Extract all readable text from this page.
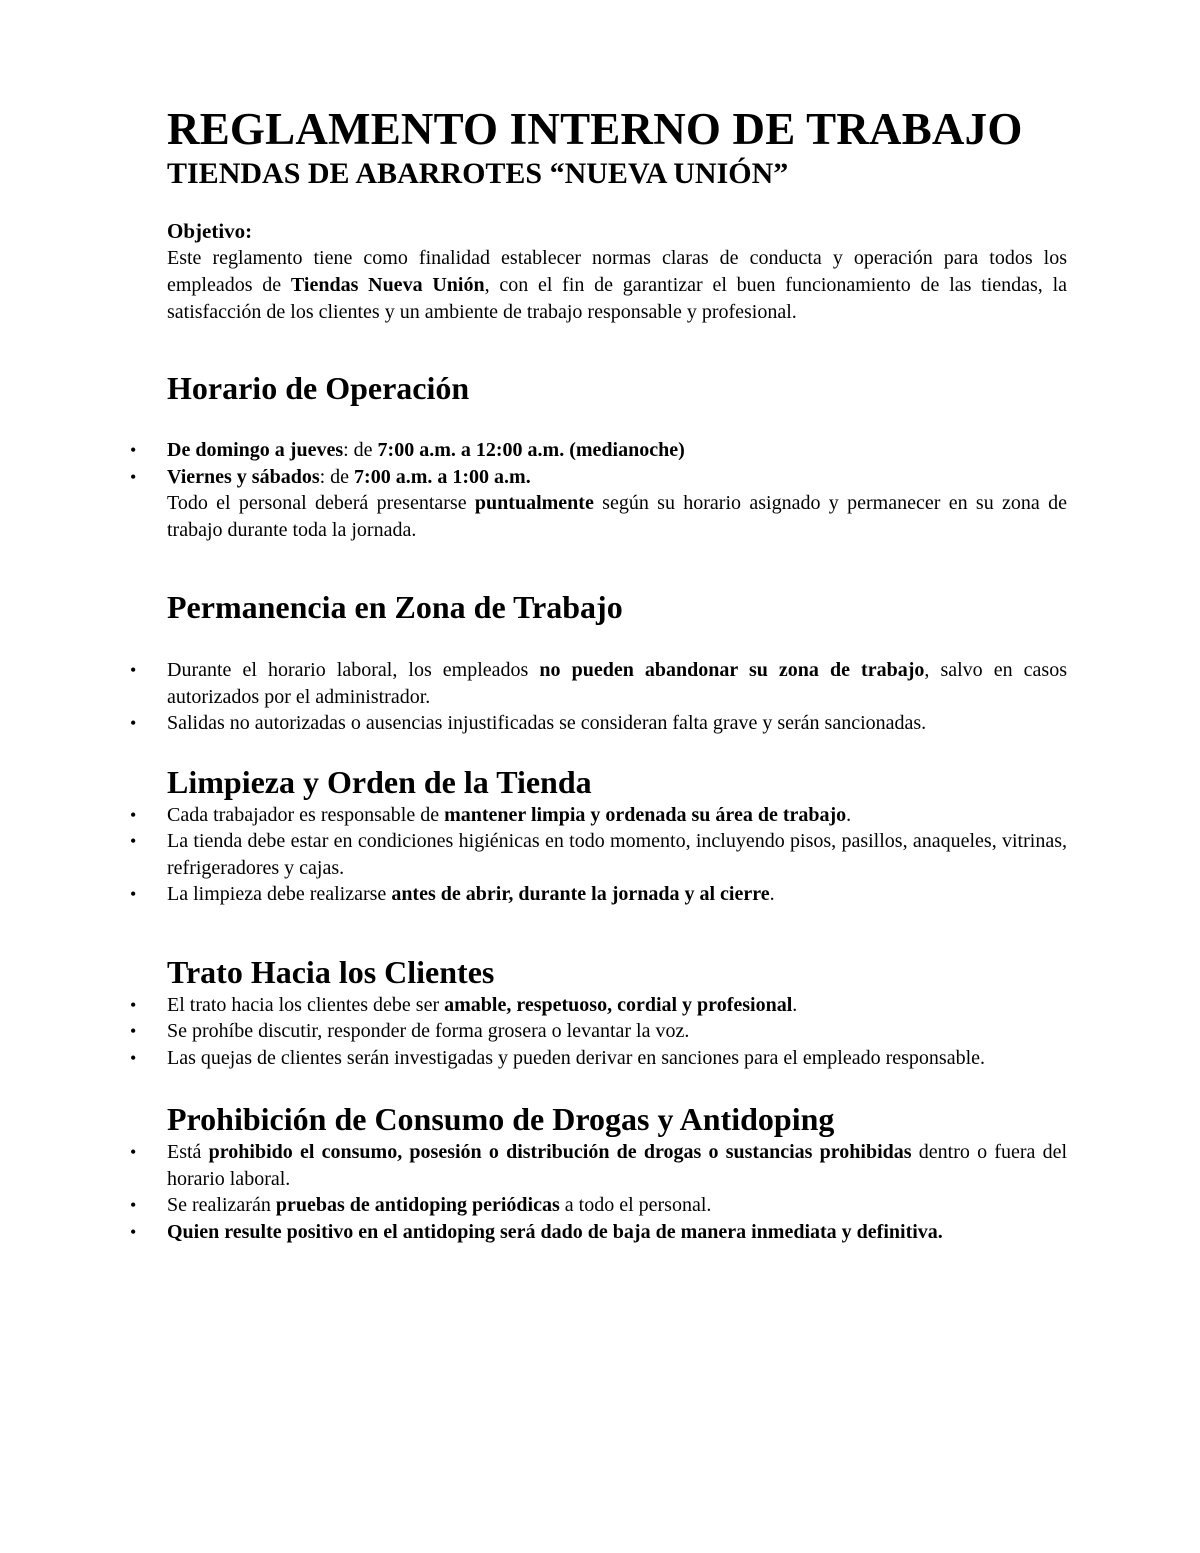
REGLAMENTO INTERNO DE TRABAJO
TIENDAS DE ABARROTES “NUEVA UNIÓN”
Objetivo:

Este reglamento tiene como finalidad establecer normas claras de conducta y operación para todos los empleados de Tiendas Nueva Unión, con el fin de garantizar el buen funcionamiento de las tiendas, la satisfacción de los clientes y un ambiente de trabajo responsable y profesional.

Horario de Operación
• De domingo a jueves: de 7:00 a.m. a 12:00 a.m. (medianoche)
• Viernes y sábados: de 7:00 a.m. a 1:00 a.m.
Todo el personal deberá presentarse puntualmente según su horario asignado y permanecer en su zona de trabajo durante toda la jornada.
Permanencia en Zona de Trabajo
• Durante el horario laboral, los empleados no pueden abandonar su zona de trabajo, salvo en casos autorizados por el administrador.
• Salidas no autorizadas o ausencias injustificadas se consideran falta grave y serán sancionadas.
Limpieza y Orden de la Tienda
• Cada trabajador es responsable de mantener limpia y ordenada su área de trabajo.
• La tienda debe estar en condiciones higiénicas en todo momento, incluyendo pisos, pasillos, anaqueles, vitrinas, refrigeradores y cajas.
• La limpieza debe realizarse antes de abrir, durante la jornada y al cierre.
Trato Hacia los Clientes
• El trato hacia los clientes debe ser amable, respetuoso, cordial y profesional.
• Se prohíbe discutir, responder de forma grosera o levantar la voz.
• Las quejas de clientes serán investigadas y pueden derivar en sanciones para el empleado responsable.
Prohibición de Consumo de Drogas y Antidoping
• Está prohibido el consumo, posesión o distribución de drogas o sustancias prohibidas dentro o fuera del horario laboral.
• Se realizarán pruebas de antidoping periódicas a todo el personal.
• Quien resulte positivo en el antidoping será dado de baja de manera inmediata y definitiva.
